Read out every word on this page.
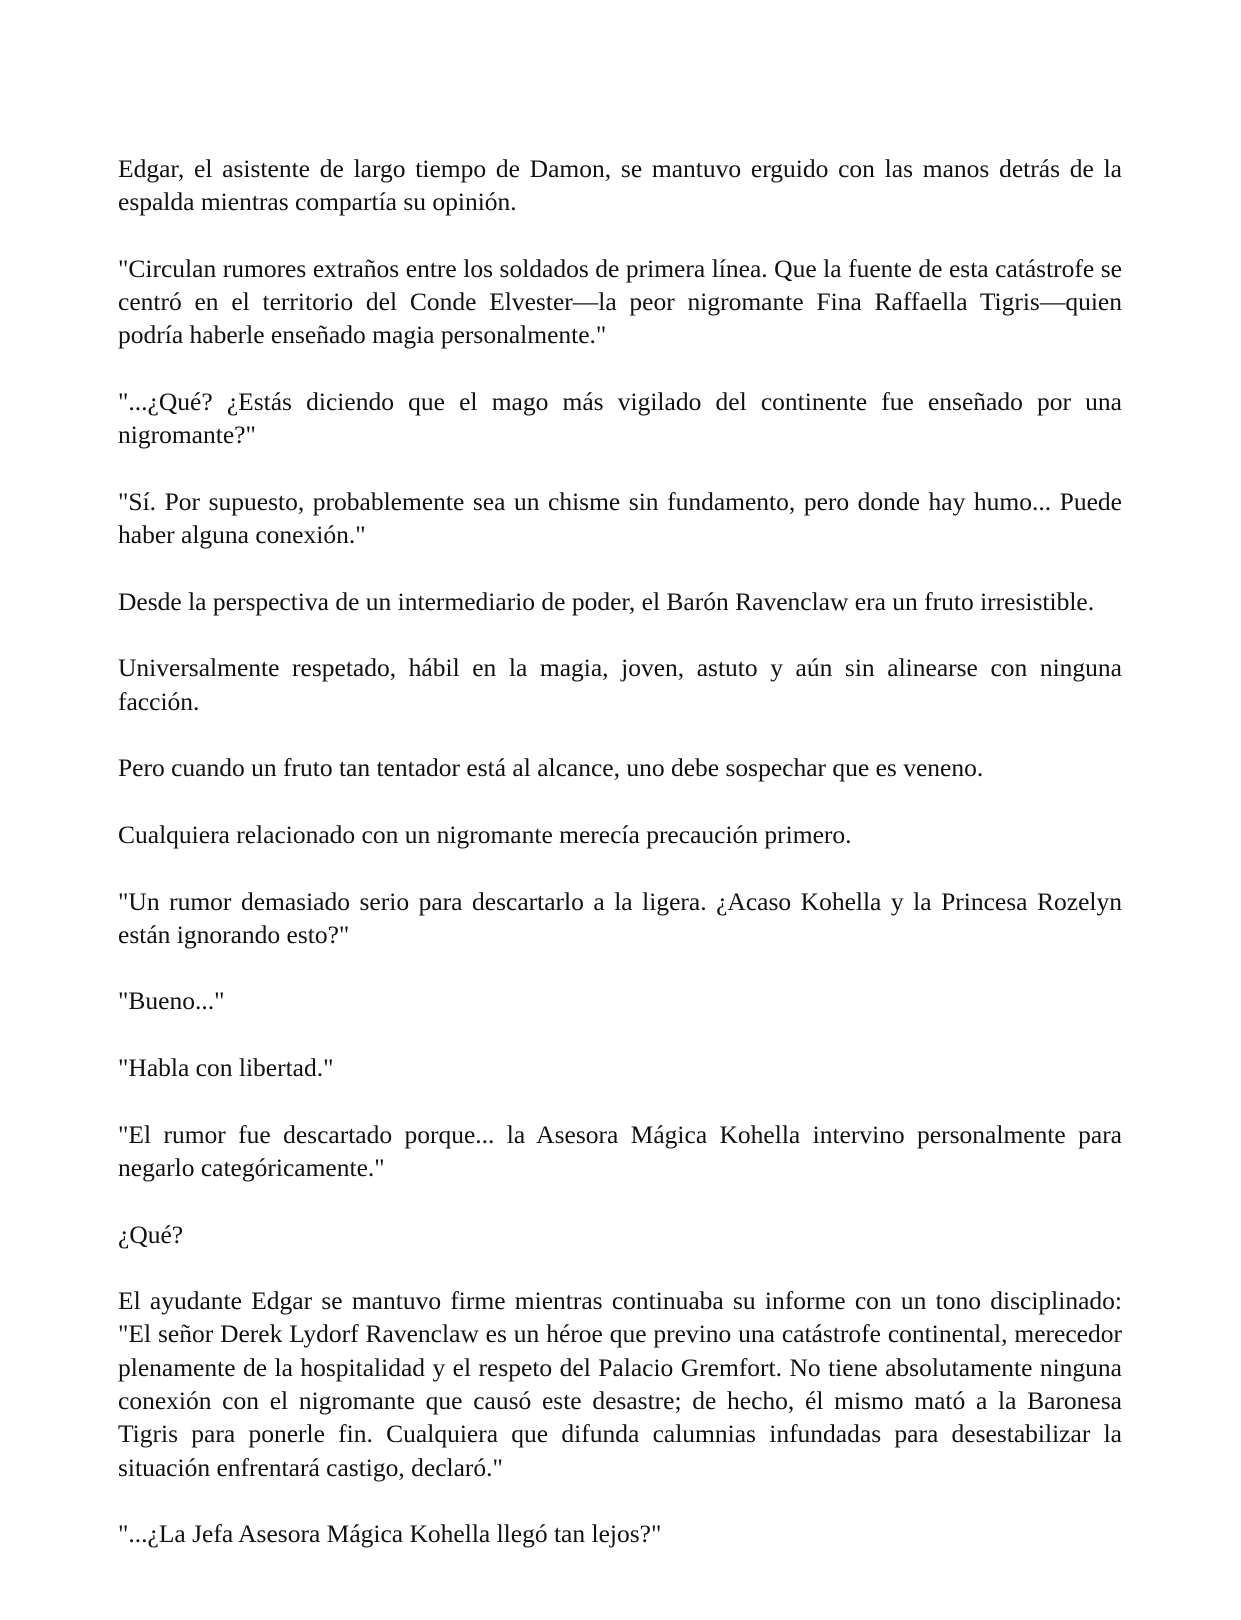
Edgar, el asistente de largo tiempo de Damon, se mantuvo erguido con las manos detrás de la espalda mientras compartía su opinión.

"Circulan rumores extraños entre los soldados de primera línea. Que la fuente de esta catástrofe se centró en el territorio del Conde Elvester—la peor nigromante Fina Raffaella Tigris—quien podría haberle enseñado magia personalmente."

"...¿Qué? ¿Estás diciendo que el mago más vigilado del continente fue enseñado por una nigromante?"

"Sí. Por supuesto, probablemente sea un chisme sin fundamento, pero donde hay humo... Puede haber alguna conexión."

Desde la perspectiva de un intermediario de poder, el Barón Ravenclaw era un fruto irresistible.

Universalmente respetado, hábil en la magia, joven, astuto y aún sin alinearse con ninguna facción.

Pero cuando un fruto tan tentador está al alcance, uno debe sospechar que es veneno.

Cualquiera relacionado con un nigromante merecía precaución primero.

"Un rumor demasiado serio para descartarlo a la ligera. ¿Acaso Kohella y la Princesa Rozelyn están ignorando esto?"

"Bueno..."

"Habla con libertad."

"El rumor fue descartado porque... la Asesora Mágica Kohella intervino personalmente para negarlo categóricamente."

¿Qué?

El ayudante Edgar se mantuvo firme mientras continuaba su informe con un tono disciplinado: "El señor Derek Lydorf Ravenclaw es un héroe que previno una catástrofe continental, merecedor plenamente de la hospitalidad y el respeto del Palacio Gremfort. No tiene absolutamente ninguna conexión con el nigromante que causó este desastre; de hecho, él mismo mató a la Baronesa Tigris para ponerle fin. Cualquiera que difunda calumnias infundadas para desestabilizar la situación enfrentará castigo, declaró."

"...¿La Jefa Asesora Mágica Kohella llegó tan lejos?"
